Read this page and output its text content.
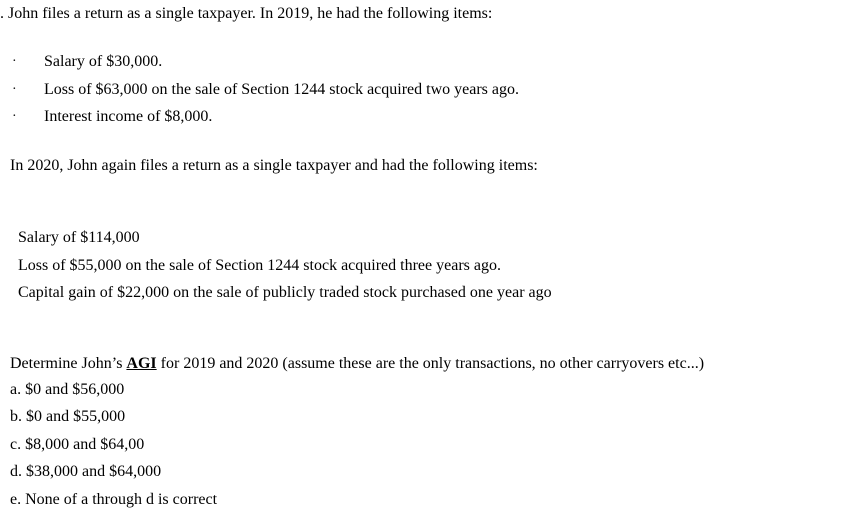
. John files a return as a single taxpayer. In 2019, he had the following items:
· Salary of $30,000.
· Loss of $63,000 on the sale of Section 1244 stock acquired two years ago.
· Interest income of $8,000.
In 2020, John again files a return as a single taxpayer and had the following items:
Salary of $114,000
Loss of $55,000 on the sale of Section 1244 stock acquired three years ago.
Capital gain of $22,000 on the sale of publicly traded stock purchased one year ago
Determine John’s AGI for 2019 and 2020 (assume these are the only transactions, no other carryovers etc...)
a. $0 and $56,000
b. $0 and $55,000
c. $8,000 and $64,00
d. $38,000 and $64,000
e. None of a through d is correct
